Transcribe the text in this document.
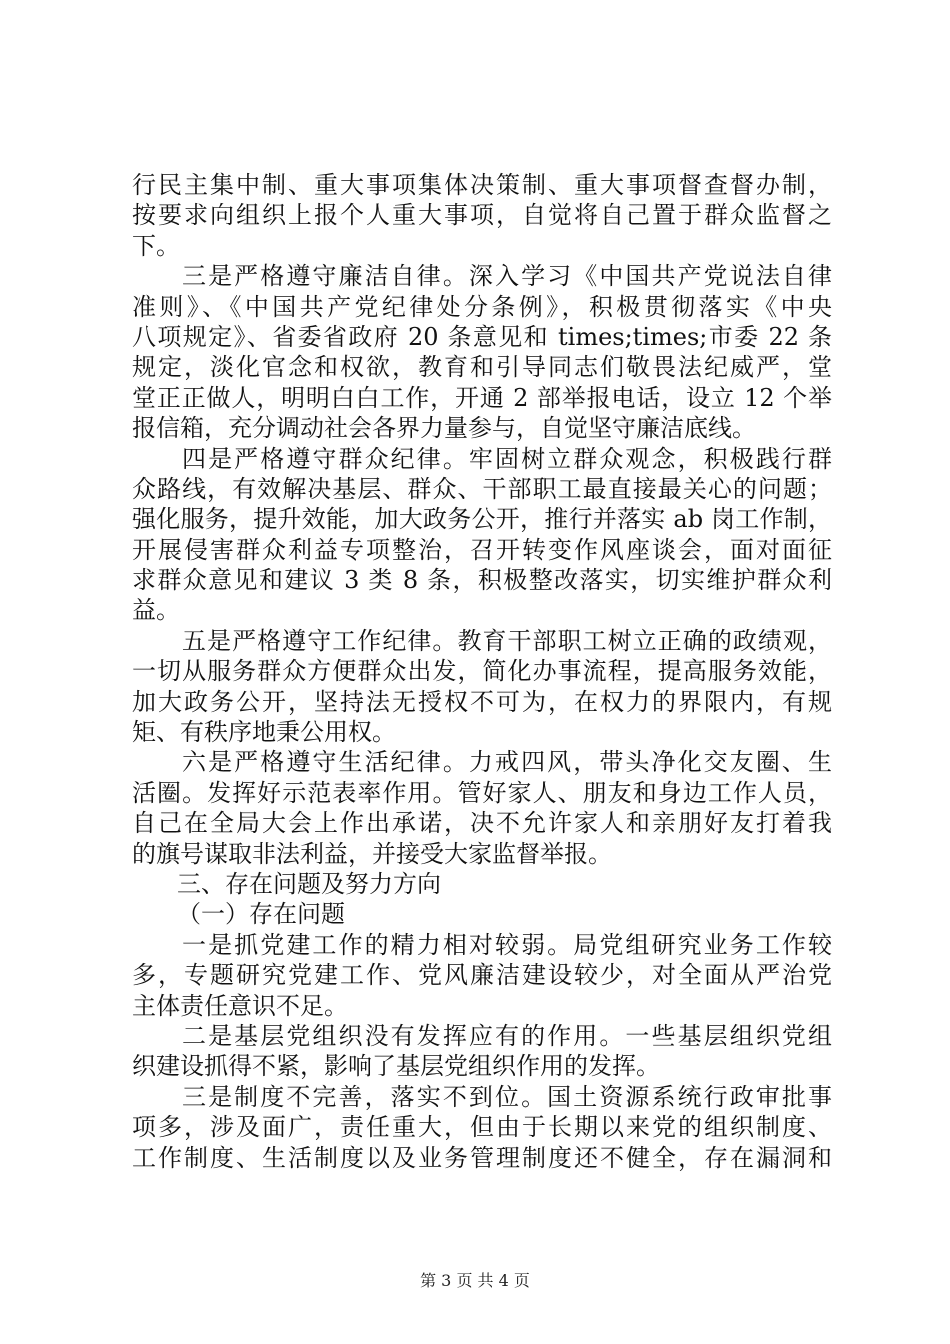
行民主集中制、重大事项集体决策制、重大事项督查督办制，
按要求向组织上报个人重大事项，自觉将自己置于群众监督之
下。
三是严格遵守廉洁自律。深入学习《中国共产党说法自律
准则》、《中国共产党纪律处分条例》，积极贯彻落实《中央
八项规定》、省委省政府 20 条意见和 times;times;市委 22 条
规定，淡化官念和权欲，教育和引导同志们敬畏法纪威严，堂
堂正正做人，明明白白工作，开通 2 部举报电话，设立 12 个举
报信箱，充分调动社会各界力量参与，自觉坚守廉洁底线。
四是严格遵守群众纪律。牢固树立群众观念，积极践行群
众路线，有效解决基层、群众、干部职工最直接最关心的问题；
强化服务，提升效能，加大政务公开，推行并落实 ab 岗工作制，
开展侵害群众利益专项整治，召开转变作风座谈会，面对面征
求群众意见和建议 3 类 8 条，积极整改落实，切实维护群众利
益。
五是严格遵守工作纪律。教育干部职工树立正确的政绩观，
一切从服务群众方便群众出发，简化办事流程，提高服务效能，
加大政务公开，坚持法无授权不可为，在权力的界限内，有规
矩、有秩序地秉公用权。
六是严格遵守生活纪律。力戒四风，带头净化交友圈、生
活圈。发挥好示范表率作用。管好家人、朋友和身边工作人员，
自己在全局大会上作出承诺，决不允许家人和亲朋好友打着我
的旗号谋取非法利益，并接受大家监督举报。
三、存在问题及努力方向
（一）存在问题
一是抓党建工作的精力相对较弱。局党组研究业务工作较
多，专题研究党建工作、党风廉洁建设较少，对全面从严治党
主体责任意识不足。
二是基层党组织没有发挥应有的作用。一些基层组织党组
织建设抓得不紧，影响了基层党组织作用的发挥。
三是制度不完善，落实不到位。国土资源系统行政审批事
项多，涉及面广，责任重大，但由于长期以来党的组织制度、
工作制度、生活制度以及业务管理制度还不健全，存在漏洞和
第 3 页 共 4 页
